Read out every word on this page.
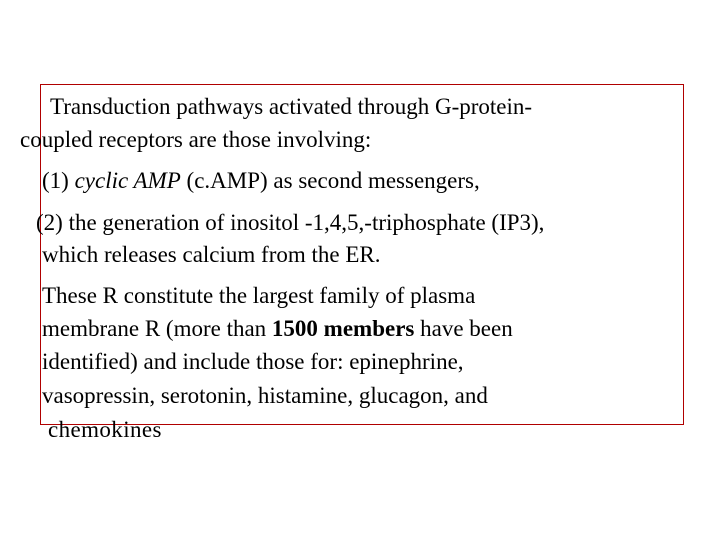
Transduction pathways activated through G-protein-
coupled receptors are those involving:
(1) cyclic AMP (c.AMP) as second messengers,
(2) the generation of inositol -1,4,5,-triphosphate (IP3),
which releases calcium from the ER.
These R constitute the largest family of plasma
membrane R (more than 1500 members have been
identified) and include those for: epinephrine,
vasopressin, serotonin, histamine, glucagon, and
chemokines
